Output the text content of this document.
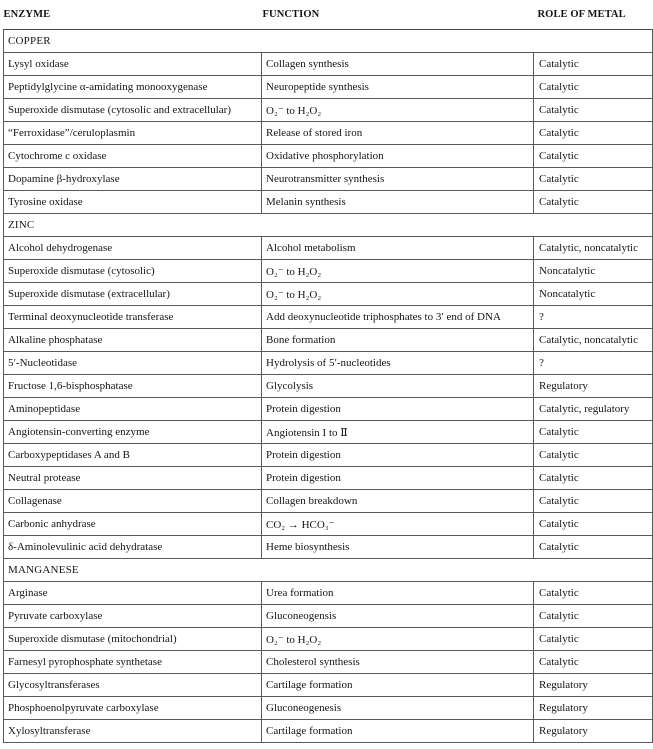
ENZYME	FUNCTION	ROLE OF METAL
COPPER		
Lysyl oxidase	Collagen synthesis	Catalytic
Peptidylglycine α-amidating monooxygenase	Neuropeptide synthesis	Catalytic
Superoxide dismutase (cytosolic and extracellular)	O₂⁻ to H₂O₂	Catalytic
“Ferroxidase”/ceruloplasmin	Release of stored iron	Catalytic
Cytochrome c oxidase	Oxidative phosphorylation	Catalytic
Dopamine β-hydroxylase	Neurotransmitter synthesis	Catalytic
Tyrosine oxidase	Melanin synthesis	Catalytic
ZINC		
Alcohol dehydrogenase	Alcohol metabolism	Catalytic, noncatalytic
Superoxide dismutase (cytosolic)	O₂⁻ to H₂O₂	Noncatalytic
Superoxide dismutase (extracellular)	O₂⁻ to H₂O₂	Noncatalytic
Terminal deoxynucleotide transferase	Add deoxynucleotide triphosphates to 3′ end of DNA	?
Alkaline phosphatase	Bone formation	Catalytic, noncatalytic
5′-Nucleotidase	Hydrolysis of 5′-nucleotides	?
Fructose 1,6-bisphosphatase	Glycolysis	Regulatory
Aminopeptidase	Protein digestion	Catalytic, regulatory
Angiotensin-converting enzyme	Angiotensin I to Ⅱ	Catalytic
Carboxypeptidases A and B	Protein digestion	Catalytic
Neutral protease	Protein digestion	Catalytic
Collagenase	Collagen breakdown	Catalytic
Carbonic anhydrase	CO₂ → HCO₃⁻	Catalytic
δ-Aminolevulinic acid dehydratase	Heme biosynthesis	Catalytic
MANGANESE		
Arginase	Urea formation	Catalytic
Pyruvate carboxylase	Gluconeogensis	Catalytic
Superoxide dismutase (mitochondrial)	O₂⁻ to H₂O₂	Catalytic
Farnesyl pyrophosphate synthetase	Cholesterol synthesis	Catalytic
Glycosyltransferases	Cartilage formation	Regulatory
Phosphoenolpyruvate carboxylase	Gluconeogenesis	Regulatory
Xylosyltransferase	Cartilage formation	Regulatory
